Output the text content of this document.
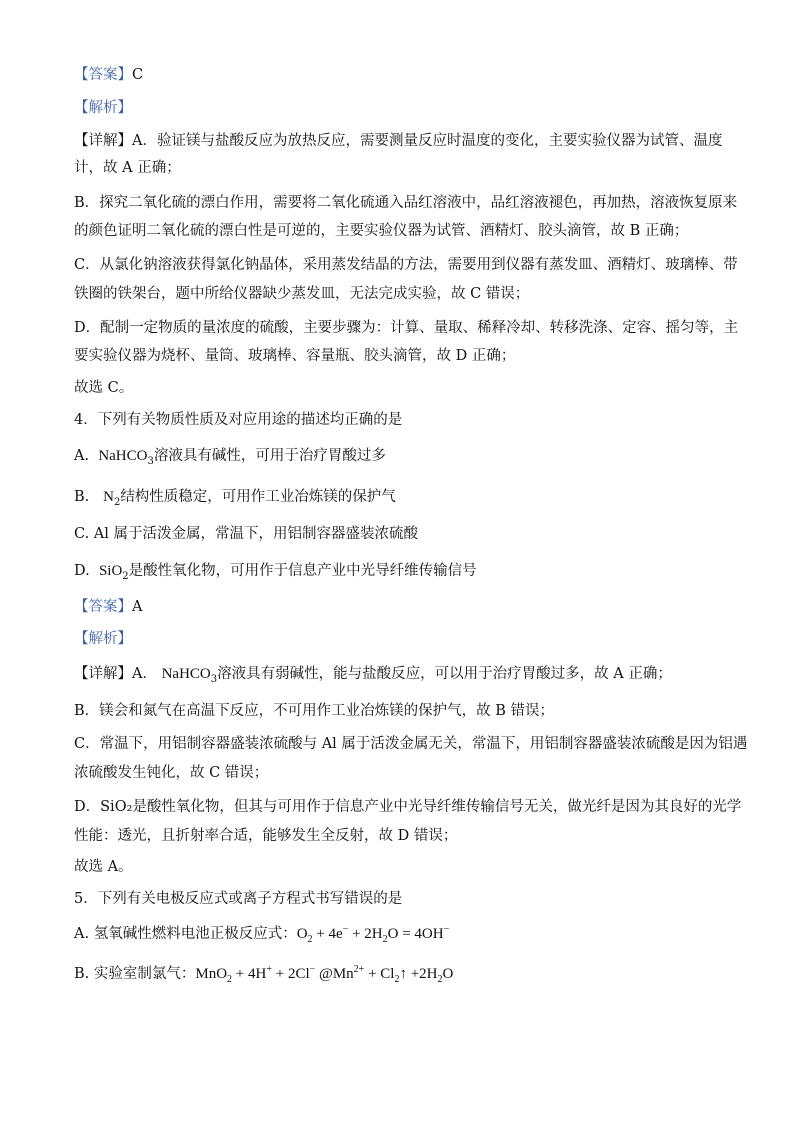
【答案】C
【解析】
【详解】A．验证镁与盐酸反应为放热反应，需要测量反应时温度的变化，主要实验仪器为试管、温度
计，故 A 正确；
B．探究二氧化硫的漂白作用，需要将二氧化硫通入品红溶液中，品红溶液褪色，再加热，溶液恢复原来
的颜色证明二氧化硫的漂白性是可逆的，主要实验仪器为试管、酒精灯、胶头滴管，故 B 正确；
C．从氯化钠溶液获得氯化钠晶体，采用蒸发结晶的方法，需要用到仪器有蒸发皿、酒精灯、玻璃棒、带
铁圈的铁架台，题中所给仪器缺少蒸发皿，无法完成实验，故 C 错误；
D．配制一定物质的量浓度的硫酸，主要步骤为：计算、量取、稀释冷却、转移洗涤、定容、摇匀等，主
要实验仪器为烧杯、量筒、玻璃棒、容量瓶、胶头滴管，故 D 正确；
故选 C。
4．下列有关物质性质及对应用途的描述均正确的是
A. NaHCO$_3$溶液具有碱性，可用于治疗胃酸过多
B. $N_2$结构性质稳定，可用作工业冶炼镁的保护气
C. Al 属于活泼金属，常温下，用铝制容器盛装浓硫酸
D. SiO$_2$是酸性氧化物，可用作于信息产业中光导纤维传输信号
【答案】A
【解析】
【详解】A． NaHCO$_3$溶液具有弱碱性，能与盐酸反应，可以用于治疗胃酸过多，故 A 正确；
B．镁会和氮气在高温下反应，不可用作工业冶炼镁的保护气，故 B 错误；
C．常温下，用铝制容器盛装浓硫酸与 Al 属于活泼金属无关，常温下，用铝制容器盛装浓硫酸是因为铝遇
浓硫酸发生钝化，故 C 错误；
D．SiO₂是酸性氧化物，但其与可用作于信息产业中光导纤维传输信号无关，做光纤是因为其良好的光学
性能：透光，且折射率合适，能够发生全反射，故 D 错误；
故选 A。
5．下列有关电极反应式或离子方程式书写错误的是
A. 氢氧碱性燃料电池正极反应式：$O_2 + 4e^- + 2H_2O = 4OH^-$
B. 实验室制氯气：MnO$_2$ + 4H+ + 2Cl− $@Mn^{2+}$ + $Cl_2↑ +2H_2O$
